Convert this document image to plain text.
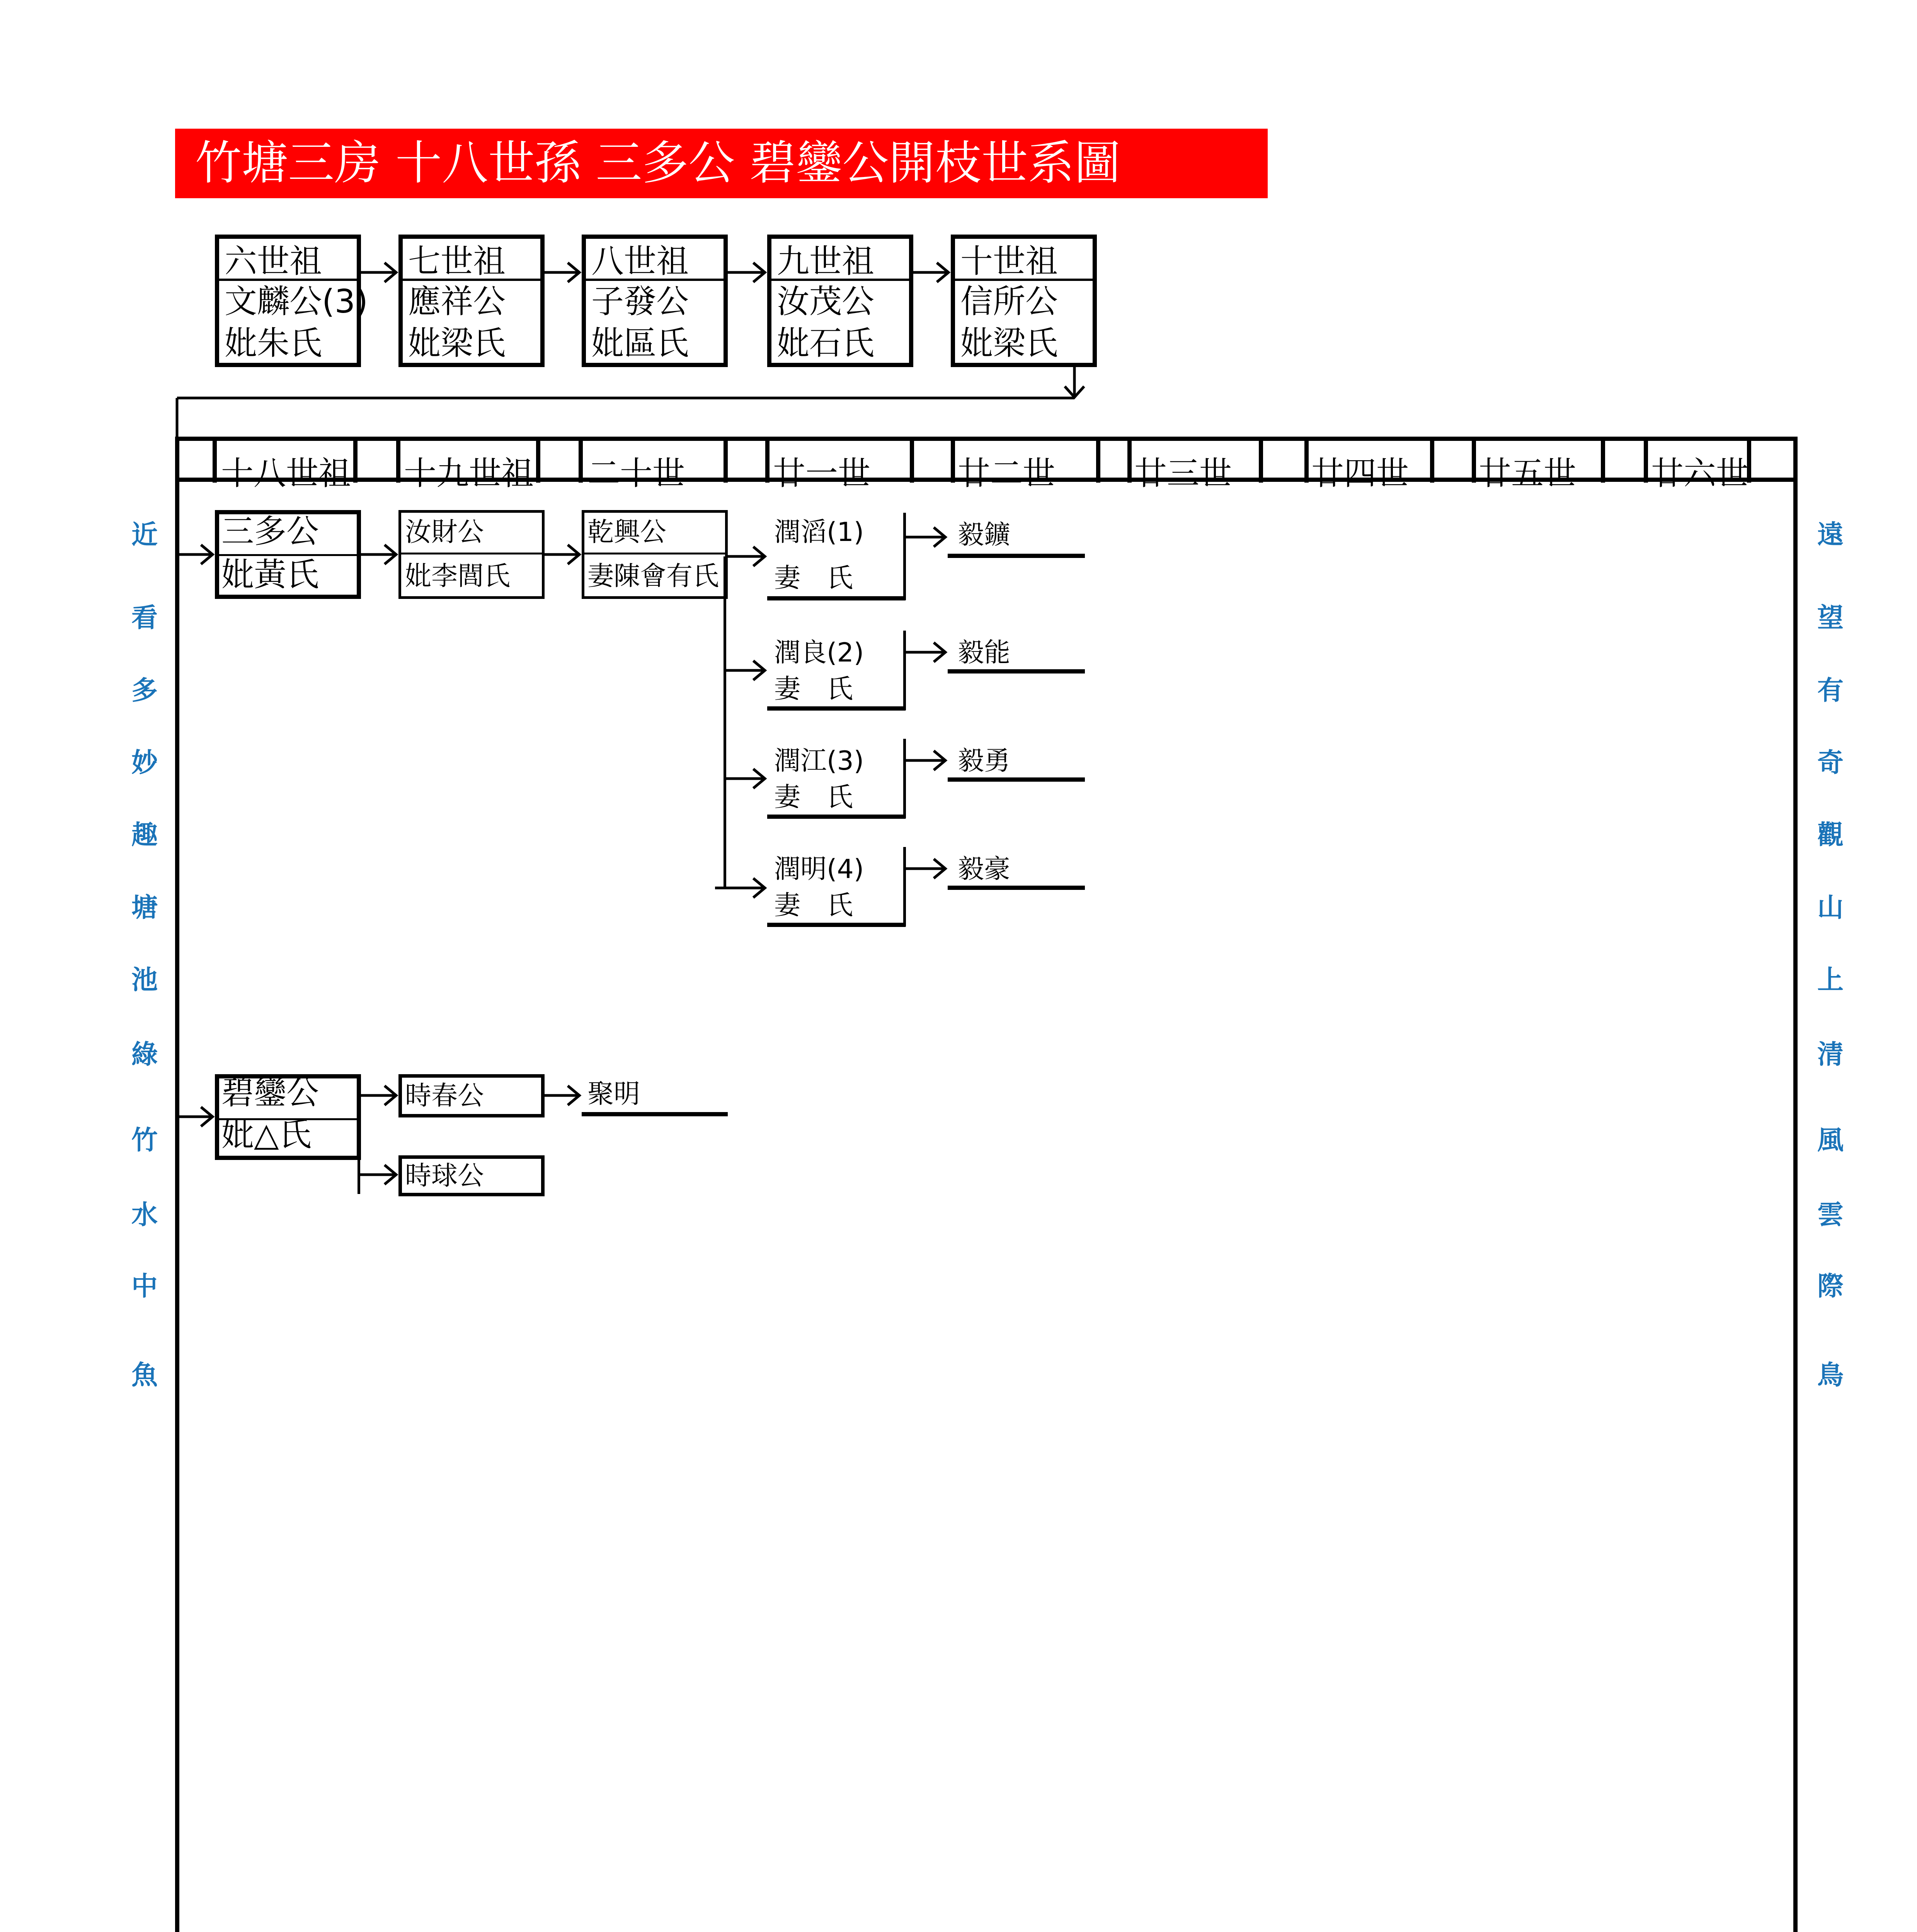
竹塘三房 十八世孫 三多公 碧鑾公開枝世系圖
六世祖
文麟公(3)
妣朱氏
七世祖
應祥公
妣梁氏
八世祖
子發公
妣區氏
九世祖
汝茂公
妣石氏
十世祖
信所公
妣梁氏
十八世祖 十九世祖 二十世	廿一世	廿二世 廿三世 廿四世 廿五世 廿六世
近
看
多
妙
趣
塘
池
綠
竹
水
中
魚
遠
望
有
奇
觀
山
上
清
風
雲
際
鳥
三多公
妣黃氏
汝財公
妣李閭氏
乾興公
妻陳會有氏
潤滔(1)
妻　氏
潤良(2)
妻　氏
潤江(3)
妻　氏
潤明(4)
妻　氏
毅鑛
毅能
毅勇
毅豪
碧鑾公
妣△氏
時春公
時球公
聚明
